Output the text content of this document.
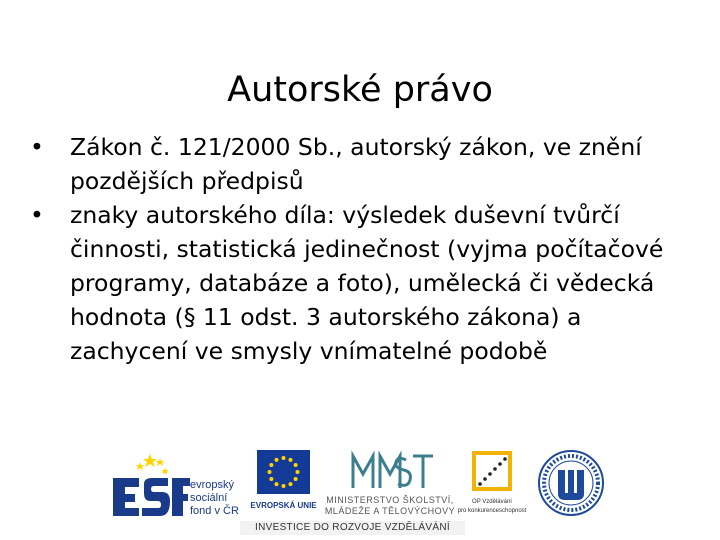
Autorské právo
•	Zákon č. 121/2000 Sb., autorský zákon, ve znění pozdějších předpisů
•	znaky autorského díla: výsledek duševní tvůrčí činnosti, statistická jedinečnost (vyjma počítačové programy, databáze a foto), umělecká či vědecká hodnota (§ 11 odst. 3 autorského zákona) a zachycení ve smysly vnímatelné podobě
evropský
sociální
fond v ČR EVROPSKÁ UNIE
MINISTERSTVO ŠKOLSTVÍ,
MLÁDEŽE A TĚLOVÝCHOVY
OP Vzdělávání
pro konkurenceschopnost
INVESTICE DO ROZVOJE VZDĚLÁVÁNÍ
